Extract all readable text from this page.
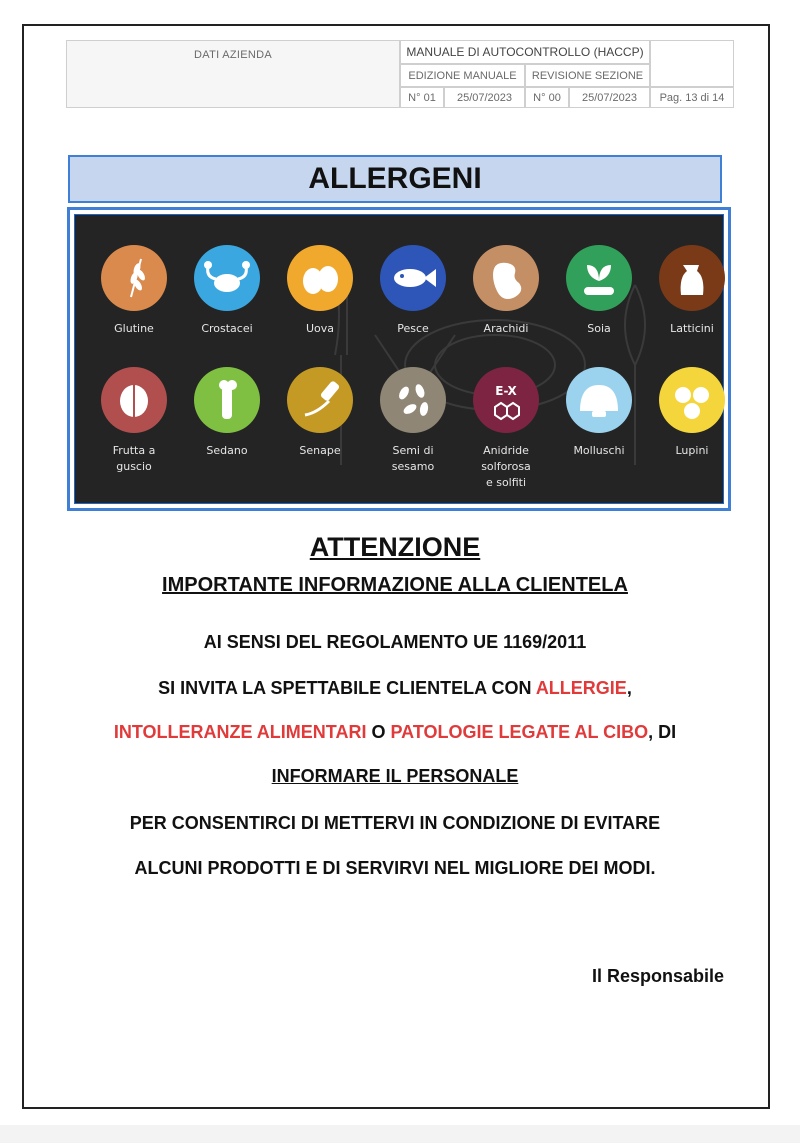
DATI AZIENDA	MANUALE DI AUTOCONTROLLO (HACCP)
EDIZIONE MANUALE	REVISIONE SEZIONE
N° 01	25/07/2023	N° 00	25/07/2023	Pag. 13 di 14
ALLERGENI
Glutine	Crostacei	Uova	Pesce	Arachidi	Soia	Latticini
Frutta a
guscio
Sedano	Senape	Semi di
sesamo
E-X
Anidride
solforosa
e solfiti
Molluschi	Lupini
ATTENZIONE
IMPORTANTE INFORMAZIONE ALLA CLIENTELA
AI SENSI DEL REGOLAMENTO UE 1169/2011
SI INVITA LA SPETTABILE CLIENTELA CON ALLERGIE,
INTOLLERANZE ALIMENTARI O PATOLOGIE LEGATE AL CIBO, DI
INFORMARE IL PERSONALE
PER CONSENTIRCI DI METTERVI IN CONDIZIONE DI EVITARE
ALCUNI PRODOTTI E DI SERVIRVI NEL MIGLIORE DEI MODI.
Il Responsabile
